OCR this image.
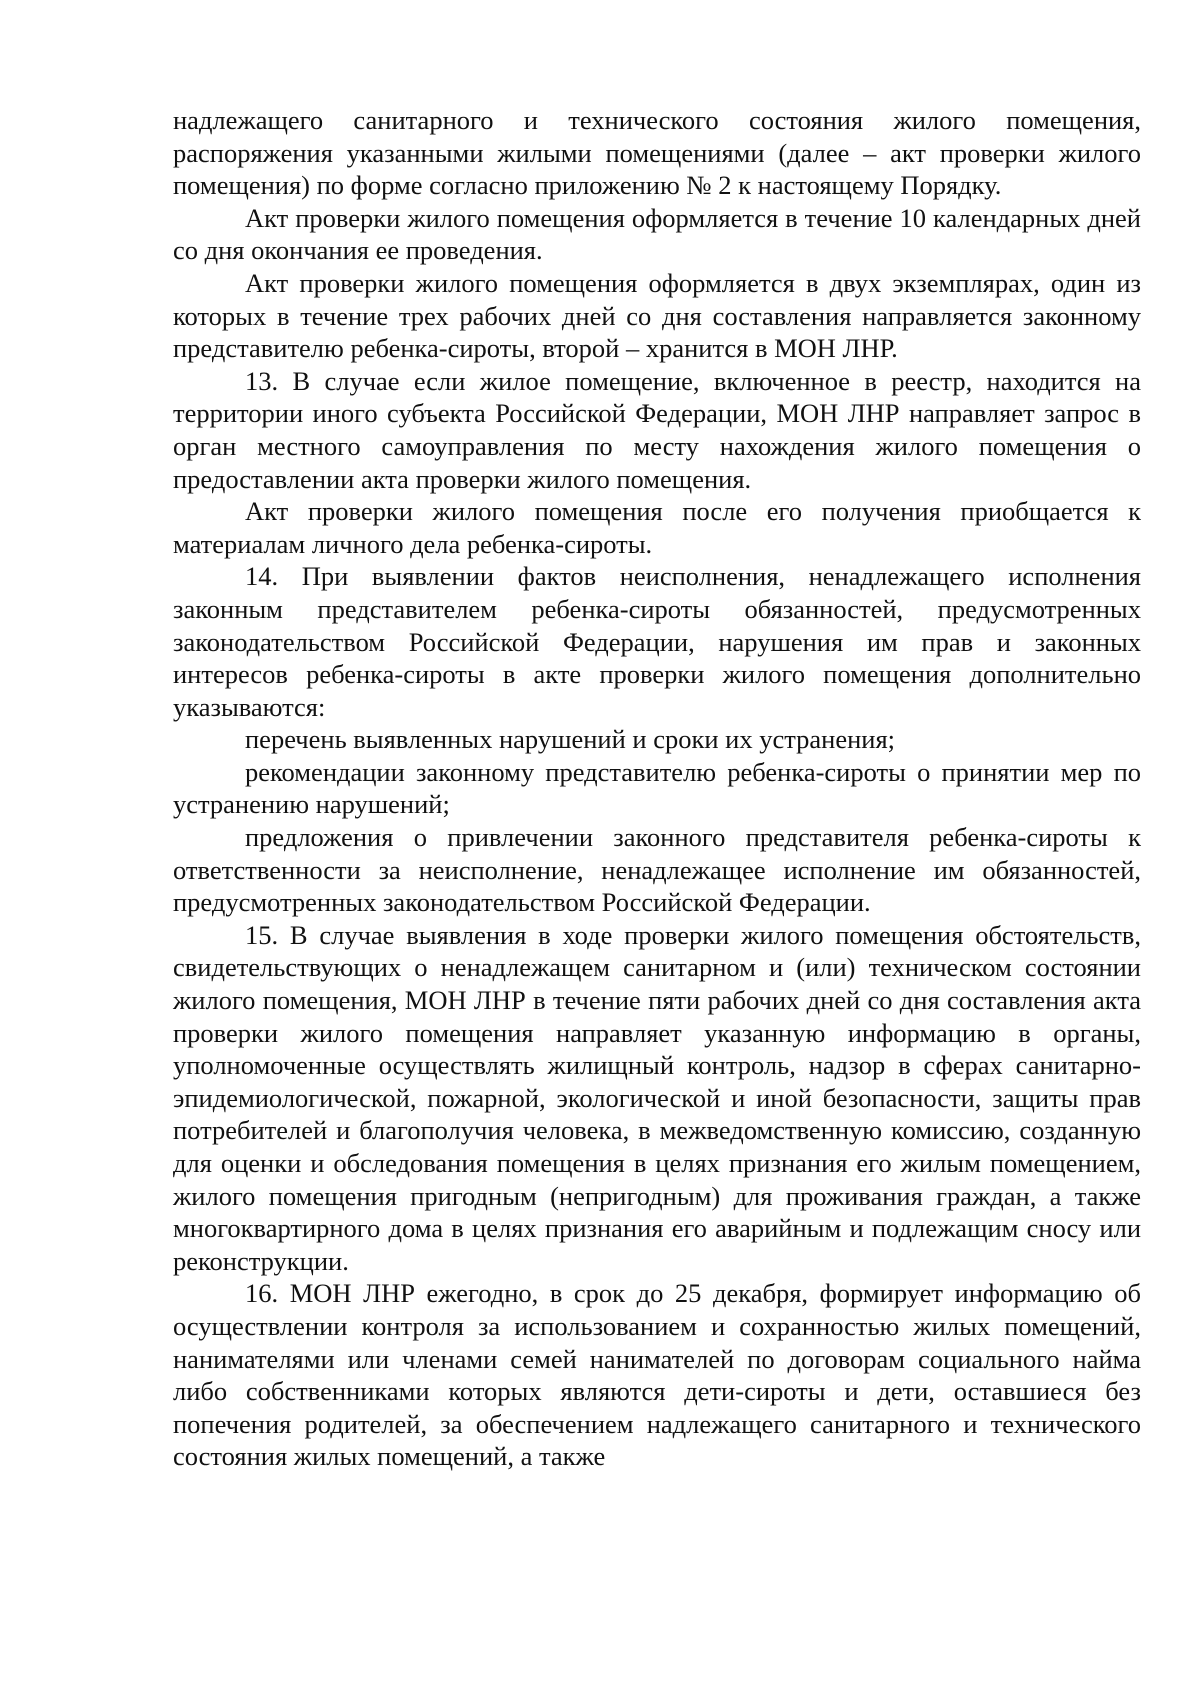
надлежащего санитарного и технического состояния жилого помещения, распоряжения указанными жилыми помещениями (далее – акт проверки жилого помещения) по форме согласно приложению № 2 к настоящему Порядку.

Акт проверки жилого помещения оформляется в течение 10 календарных дней со дня окончания ее проведения.

Акт проверки жилого помещения оформляется в двух экземплярах, один из которых в течение трех рабочих дней со дня составления направляется законному представителю ребенка-сироты, второй – хранится в МОН ЛНР.

13. В случае если жилое помещение, включенное в реестр, находится на территории иного субъекта Российской Федерации, МОН ЛНР направляет запрос в орган местного самоуправления по месту нахождения жилого помещения о предоставлении акта проверки жилого помещения.

Акт проверки жилого помещения после его получения приобщается к материалам личного дела ребенка-сироты.

14. При выявлении фактов неисполнения, ненадлежащего исполнения законным представителем ребенка-сироты обязанностей, предусмотренных законодательством Российской Федерации, нарушения им прав и законных интересов ребенка-сироты в акте проверки жилого помещения дополнительно указываются:

перечень выявленных нарушений и сроки их устранения;

рекомендации законному представителю ребенка-сироты о принятии мер по устранению нарушений;

предложения о привлечении законного представителя ребенка-сироты к ответственности за неисполнение, ненадлежащее исполнение им обязанностей, предусмотренных законодательством Российской Федерации.

15. В случае выявления в ходе проверки жилого помещения обстоятельств, свидетельствующих о ненадлежащем санитарном и (или) техническом состоянии жилого помещения, МОН ЛНР в течение пяти рабочих дней со дня составления акта проверки жилого помещения направляет указанную информацию в органы, уполномоченные осуществлять жилищный контроль, надзор в сферах санитарно-эпидемиологической, пожарной, экологической и иной безопасности, защиты прав потребителей и благополучия человека, в межведомственную комиссию, созданную для оценки и обследования помещения в целях признания его жилым помещением, жилого помещения пригодным (непригодным) для проживания граждан, а также многоквартирного дома в целях признания его аварийным и подлежащим сносу или реконструкции.

16. МОН ЛНР ежегодно, в срок до 25 декабря, формирует информацию об осуществлении контроля за использованием и сохранностью жилых помещений, нанимателями или членами семей нанимателей по договорам социального найма либо собственниками которых являются дети-сироты и дети, оставшиеся без попечения родителей, за обеспечением надлежащего санитарного и технического состояния жилых помещений, а также
